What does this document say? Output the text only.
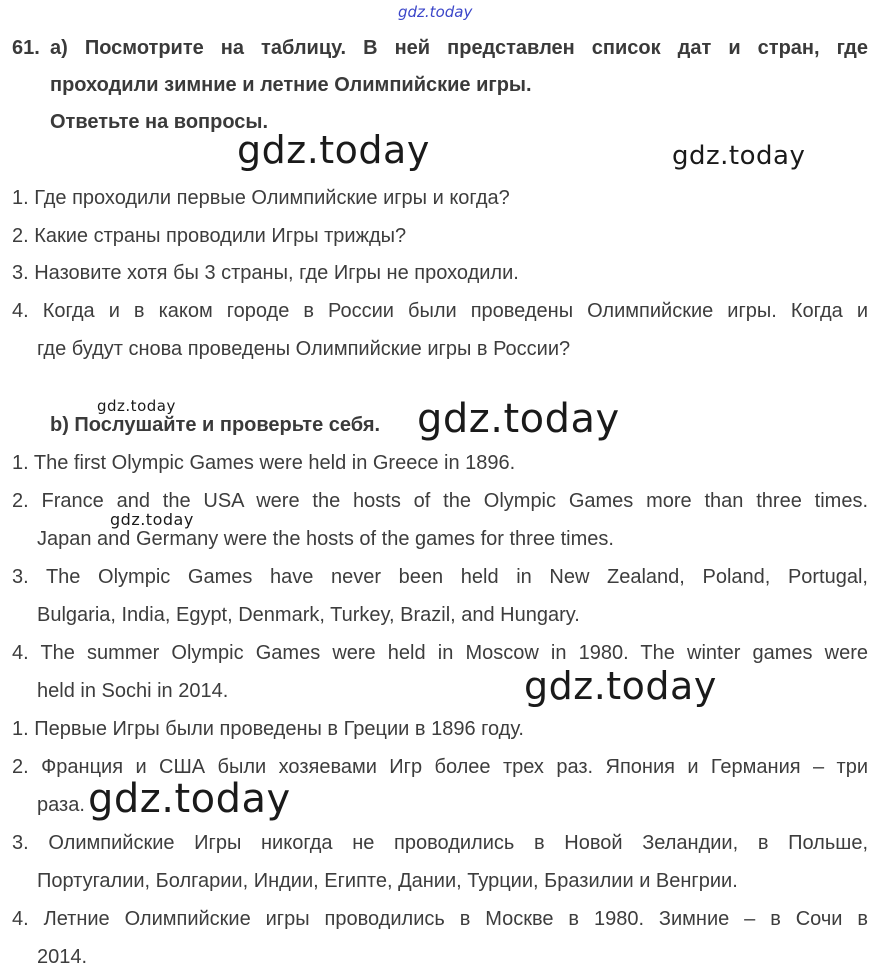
gdz.today
gdz.today	gdz.today
gdz.today	gdz.today
gdz.today
gdz.today
gdz.today
61. a) Посмотрите на таблицу. В ней представлен список дат и стран, где
проходили зимние и летние Олимпийские игры.
Ответьте на вопросы.
1. Где проходили первые Олимпийские игры и когда?
2. Какие страны проводили Игры трижды?
3. Назовите хотя бы 3 страны, где Игры не проходили.
4. Когда и в каком городе в России были проведены Олимпийские игры. Когда и
где будут снова проведены Олимпийские игры в России?
b) Послушайте и проверьте себя.
1. The first Olympic Games were held in Greece in 1896.
2. France and the USA were the hosts of the Olympic Games more than three times.
Japan and Germany were the hosts of the games for three times.
3. The Olympic Games have never been held in New Zealand, Poland, Portugal,
Bulgaria, India, Egypt, Denmark, Turkey, Brazil, and Hungary.
4. The summer Olympic Games were held in Moscow in 1980. The winter games were
held in Sochi in 2014.
1. Первые Игры были проведены в Греции в 1896 году.
2. Франция и США были хозяевами Игр более трех раз. Япония и Германия – три
раза.
3. Олимпийские Игры никогда не проводились в Новой Зеландии, в Польше,
Португалии, Болгарии, Индии, Египте, Дании, Турции, Бразилии и Венгрии.
4. Летние Олимпийские игры проводились в Москве в 1980. Зимние – в Сочи в
2014.
